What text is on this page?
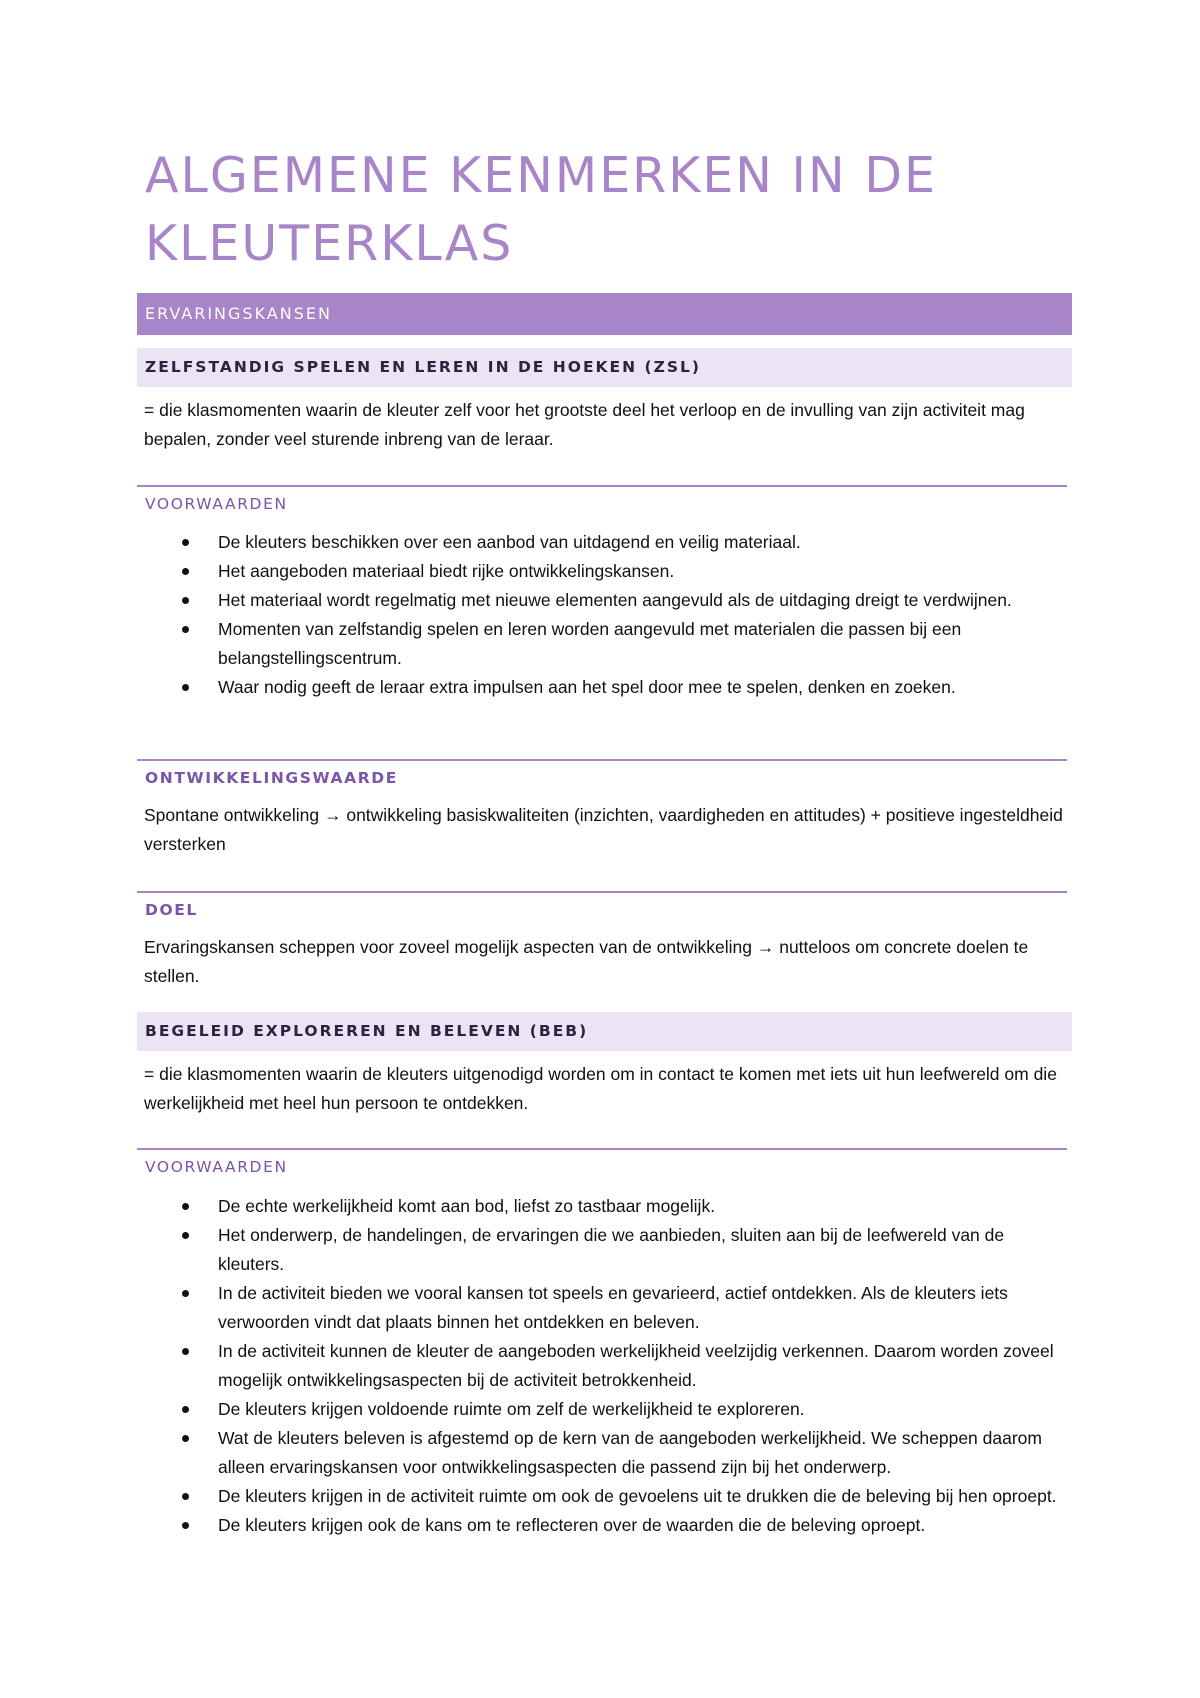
ALGEMENE KENMERKEN IN DE KLEUTERKLAS
ERVARINGSKANSEN
ZELFSTANDIG SPELEN EN LEREN IN DE HOEKEN (ZSL)

= die klasmomenten waarin de kleuter zelf voor het grootste deel het verloop en de invulling van zijn activiteit mag bepalen, zonder veel sturende inbreng van de leraar.

VOORWAARDEN
De kleuters beschikken over een aanbod van uitdagend en veilig materiaal.
Het aangeboden materiaal biedt rijke ontwikkelingskansen.
Het materiaal wordt regelmatig met nieuwe elementen aangevuld als de uitdaging dreigt te verdwijnen.
Momenten van zelfstandig spelen en leren worden aangevuld met materialen die passen bij een belangstellingscentrum.
Waar nodig geeft de leraar extra impulsen aan het spel door mee te spelen, denken en zoeken.
ONTWIKKELINGSWAARDE

Spontane ontwikkeling → ontwikkeling basiskwaliteiten (inzichten, vaardigheden en attitudes) + positieve ingesteldheid versterken

DOEL

Ervaringskansen scheppen voor zoveel mogelijk aspecten van de ontwikkeling → nutteloos om concrete doelen te stellen.

BEGELEID EXPLOREREN EN BELEVEN (BEB)

= die klasmomenten waarin de kleuters uitgenodigd worden om in contact te komen met iets uit hun leefwereld om die werkelijkheid met heel hun persoon te ontdekken.

VOORWAARDEN
De echte werkelijkheid komt aan bod, liefst zo tastbaar mogelijk.
Het onderwerp, de handelingen, de ervaringen die we aanbieden, sluiten aan bij de leefwereld van de kleuters.
In de activiteit bieden we vooral kansen tot speels en gevarieerd, actief ontdekken. Als de kleuters iets verwoorden vindt dat plaats binnen het ontdekken en beleven.
In de activiteit kunnen de kleuter de aangeboden werkelijkheid veelzijdig verkennen. Daarom worden zoveel mogelijk ontwikkelingsaspecten bij de activiteit betrokkenheid.
De kleuters krijgen voldoende ruimte om zelf de werkelijkheid te exploreren.
Wat de kleuters beleven is afgestemd op de kern van de aangeboden werkelijkheid. We scheppen daarom alleen ervaringskansen voor ontwikkelingsaspecten die passend zijn bij het onderwerp.
De kleuters krijgen in de activiteit ruimte om ook de gevoelens uit te drukken die de beleving bij hen oproept.
De kleuters krijgen ook de kans om te reflecteren over de waarden die de beleving oproept.
